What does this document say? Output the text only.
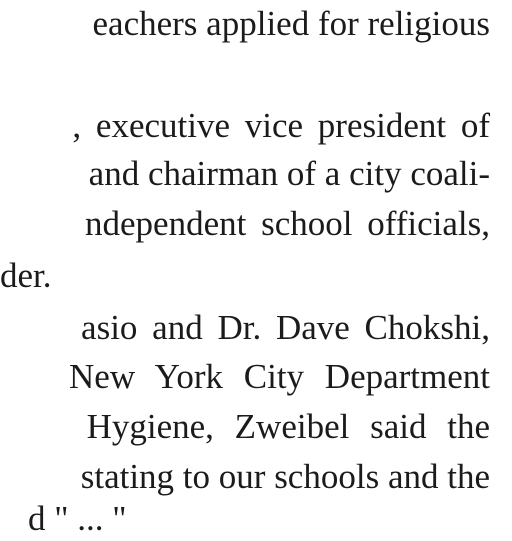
eachers applied for religious
, executive vice president of
and chairman of a city coali-
ndependent school officials,
der.
asio and Dr. Dave Chokshi,
New York City Department
Hygiene, Zweibel said the
stating to our schools and the
d " ... "
